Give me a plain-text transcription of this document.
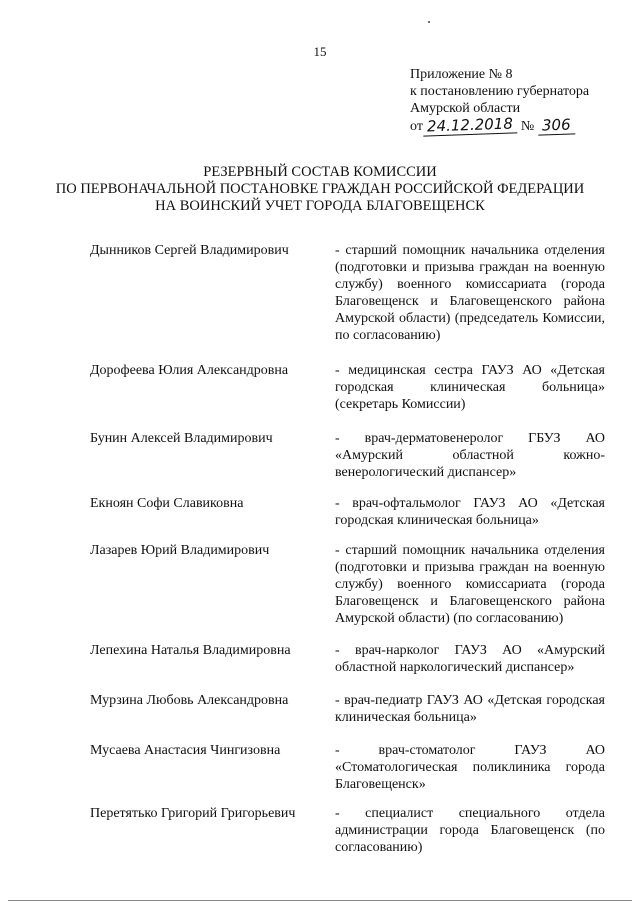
15
Приложение № 8
к постановлению губернатора
Амурской области
от 24.12.2018 № 306
РЕЗЕРВНЫЙ СОСТАВ КОМИССИИ
ПО ПЕРВОНАЧАЛЬНОЙ ПОСТАНОВКЕ ГРАЖДАН РОССИЙСКОЙ ФЕДЕРАЦИИ
НА ВОИНСКИЙ УЧЕТ ГОРОДА БЛАГОВЕЩЕНСК
Дынников Сергей Владимирович	- старший помощник начальника отделения (подготовки и призыва граждан на военную службу) военного комиссариата (города Благовещенск и Благовещенского района Амурской области) (председатель Комиссии, по согласованию)
Дорофеева Юлия Александровна	- медицинская сестра ГАУЗ АО «Детская городская клиническая больница» (секретарь Комиссии)
Бунин Алексей Владимирович	- врач-дерматовенеролог ГБУЗ АО «Амурский областной кожно-венерологический диспансер»
Екноян Софи Славиковна	- врач-офтальмолог ГАУЗ АО «Детская городская клиническая больница»
Лазарев Юрий Владимирович	- старший помощник начальника отделения (подготовки и призыва граждан на военную службу) военного комиссариата (города Благовещенск и Благовещенского района Амурской области) (по согласованию)
Лепехина Наталья Владимировна	- врач-нарколог ГАУЗ АО «Амурский областной наркологический диспансер»
Мурзина Любовь Александровна	- врач-педиатр ГАУЗ АО «Детская городская клиническая больница»
Мусаева Анастасия Чингизовна	- врач-стоматолог ГАУЗ АО «Стоматологическая поликлиника города Благовещенск»
Перетятько Григорий Григорьевич	- специалист специального отдела администрации города Благовещенск (по согласованию)
